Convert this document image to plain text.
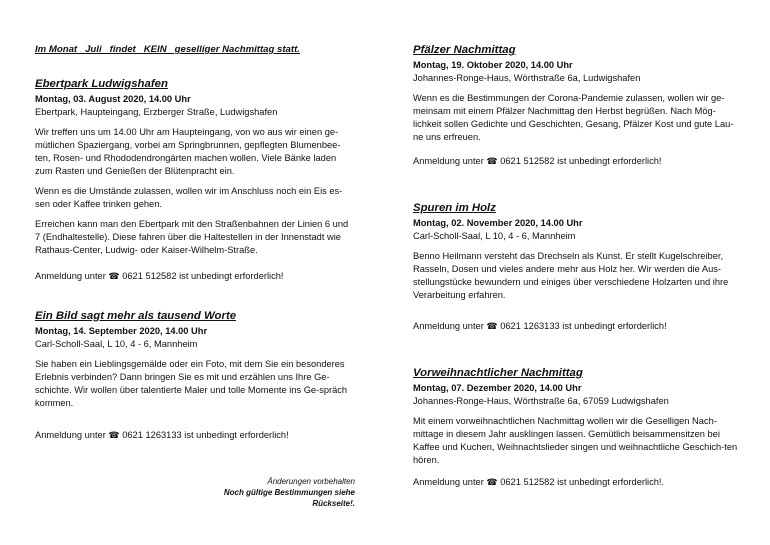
Im Monat   Juli   findet   KEIN   geselliger Nachmittag statt.
Ebertpark Ludwigshafen
Montag, 03. August 2020, 14.00 Uhr
Ebertpark, Haupteingang, Erzberger Straße, Ludwigshafen
Wir treffen uns um 14.00 Uhr am Haupteingang, von wo aus wir einen ge-mütlichen Spaziergang, vorbei am Springbrunnen, gepflegten Blumenbee-ten, Rosen- und Rhododendrongärten machen wollen. Viele Bänke laden zum Rasten und Genießen der Blütenpracht ein.
Wenn es die Umstände zulassen, wollen wir im Anschluss noch ein Eis es-sen oder Kaffee trinken gehen.
Erreichen kann man den Ebertpark mit den Straßenbahnen der Linien 6 und 7 (Endhaltestelle). Diese fahren über die Haltestellen in der Innenstadt wie Rathaus-Center, Ludwig- oder Kaiser-Wilhelm-Straße.
Anmeldung unter ☎ 0621 512582 ist unbedingt erforderlich!
Ein Bild sagt mehr als tausend Worte
Montag, 14. September 2020, 14.00 Uhr
Carl-Scholl-Saal, L 10, 4 - 6, Mannheim
Sie haben ein Lieblingsgemälde oder ein Foto, mit dem Sie ein besonderes Erlebnis verbinden? Dann bringen Sie es mit und erzählen uns Ihre Ge-schichte. Wir wollen über talentierte Maler und tolle Momente ins Ge-spräch kommen.
Anmeldung unter ☎ 0621 1263133 ist unbedingt erforderlich!
Änderungen vorbehalten
Noch gültige Bestimmungen siehe Rückseite!.
Pfälzer Nachmittag
Montag, 19. Oktober 2020, 14.00 Uhr
Johannes-Ronge-Haus, Wörthstraße 6a, Ludwigshafen
Wenn es die Bestimmungen der Corona-Pandemie zulassen, wollen wir ge-meinsam mit einem Pfälzer Nachmittag den Herbst begrüßen. Nach Mög-lichkeit sollen Gedichte und Geschichten, Gesang, Pfälzer Kost und gute Lau-ne uns erfreuen.
Anmeldung unter ☎ 0621 512582 ist unbedingt erforderlich!
Spuren im Holz
Montag, 02. November 2020, 14.00 Uhr
Carl-Scholl-Saal, L 10, 4 - 6, Mannheim
Benno Heilmann versteht das Drechseln als Kunst. Er stellt Kugelschreiber, Rasseln, Dosen und vieles andere mehr aus Holz her. Wir werden die Aus-stellungstücke bewundern und einiges über verschiedene Holzarten und ihre Verarbeitung erfahren.
Anmeldung unter ☎ 0621 1263133 ist unbedingt erforderlich!
Vorweihnachtlicher Nachmittag
Montag, 07. Dezember 2020, 14.00 Uhr
Johannes-Ronge-Haus, Wörthstraße 6a, 67059 Ludwigshafen
Mit einem vorweihnachtlichen Nachmittag wollen wir die Geselligen Nach-mittage in diesem Jahr ausklingen lassen. Gemütlich beisammensitzen bei Kaffee und Kuchen, Weihnachtslieder singen und weihnachtliche Geschich-ten hören.
Anmeldung unter ☎ 0621 512582 ist unbedingt erforderlich!.
